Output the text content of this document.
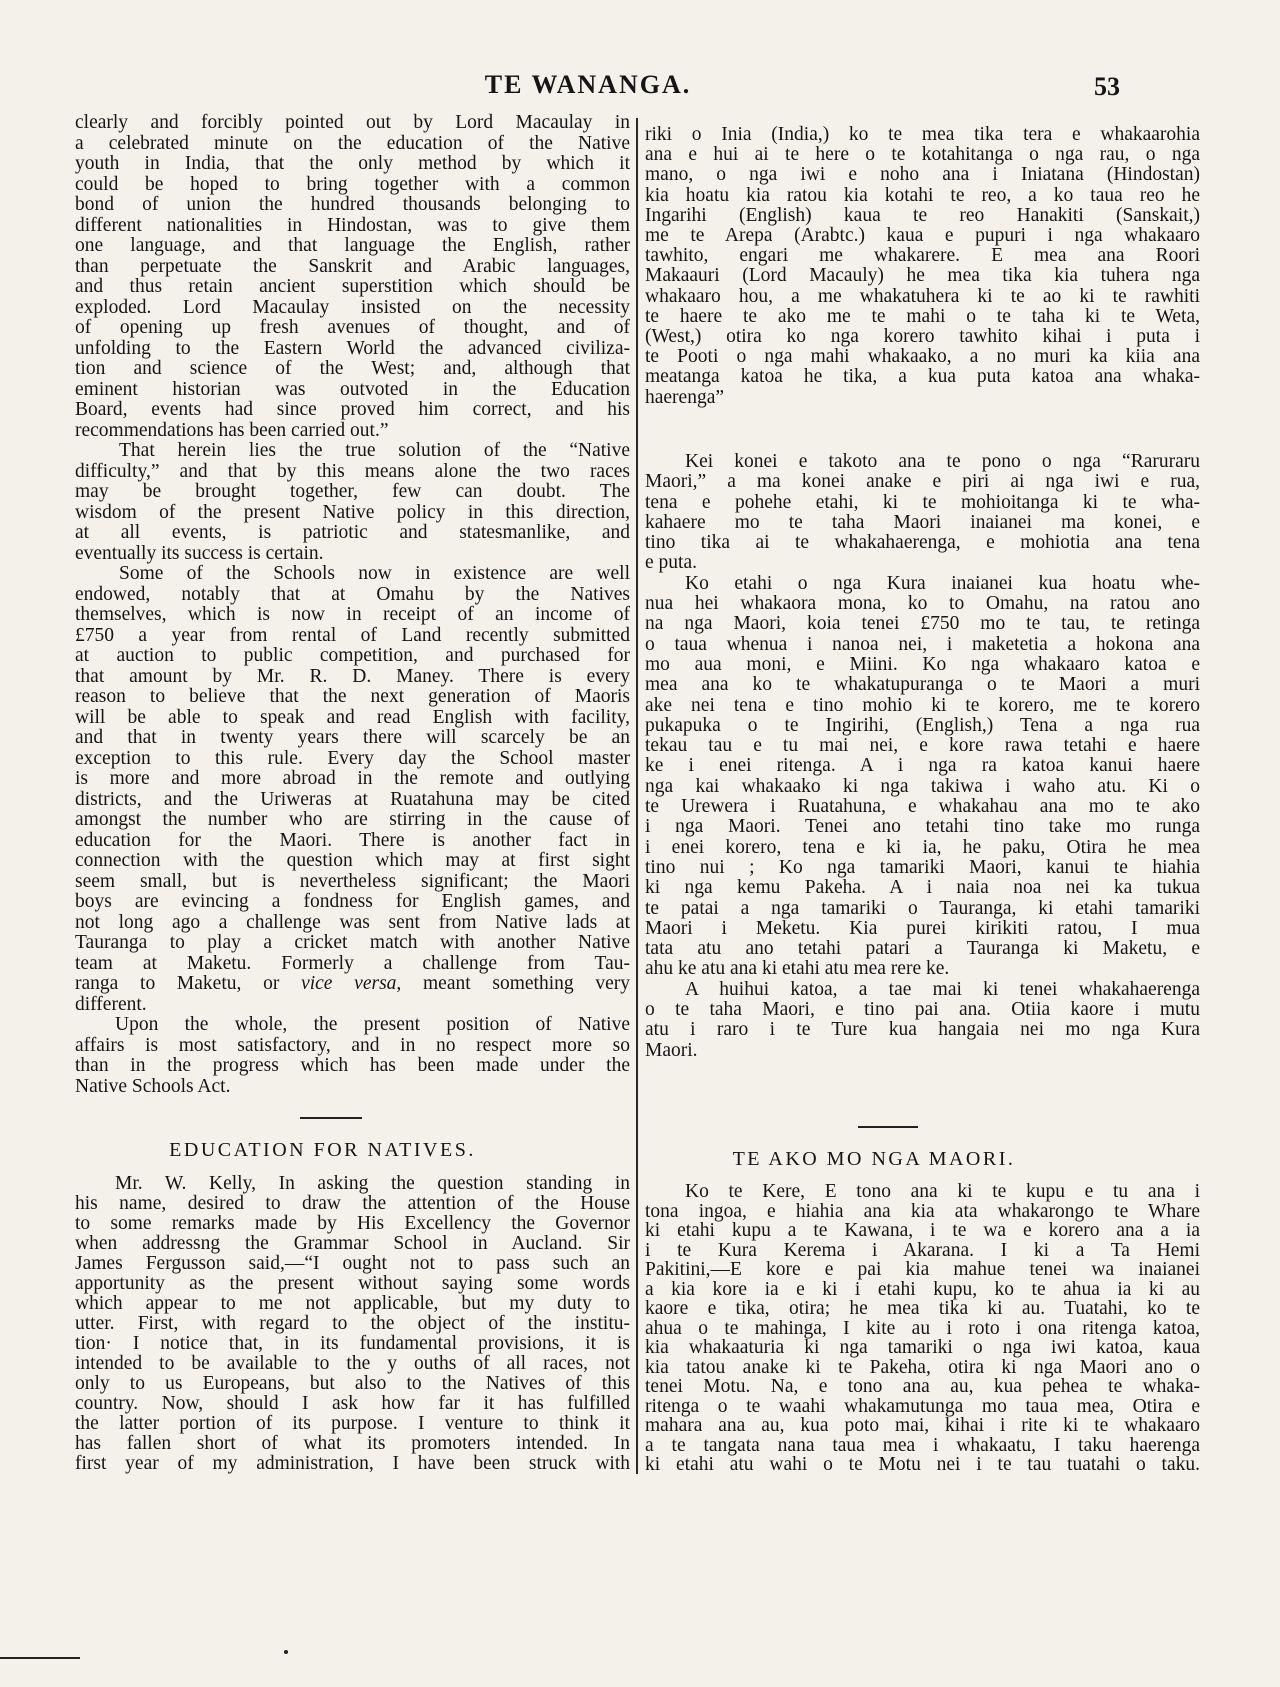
TE WANANGA.	53
clearly and forcibly pointed out by Lord Macaulay in
a celebrated minute on the education of the Native
youth in India, that the only method by which it
could be hoped to bring together with a common
bond of union the hundred thousands belonging to
different nationalities in Hindostan, was to give them
one language, and that language the English, rather
than perpetuate the Sanskrit and Arabic languages,
and thus retain ancient superstition which should be
exploded. Lord Macaulay insisted on the necessity
of opening up fresh avenues of thought, and of
unfolding to the Eastern World the advanced civiliza-
tion and science of the West; and, although that
eminent historian was outvoted in the Education
Board, events had since proved him correct, and his
recommendations has been carried out.”
That herein lies the true solution of the “Native
difficulty,” and that by this means alone the two races
may be brought together, few can doubt. The
wisdom of the present Native policy in this direction,
at all events, is patriotic and statesmanlike, and
eventually its success is certain.
Some of the Schools now in existence are well
endowed, notably that at Omahu by the Natives
themselves, which is now in receipt of an income of
£750 a year from rental of Land recently submitted
at auction to public competition, and purchased for
that amount by Mr. R. D. Maney. There is every
reason to believe that the next generation of Maoris
will be able to speak and read English with facility,
and that in twenty years there will scarcely be an
exception to this rule. Every day the School master
is more and more abroad in the remote and outlying
districts, and the Uriweras at Ruatahuna may be cited
amongst the number who are stirring in the cause of
education for the Maori. There is another fact in
connection with the question which may at first sight
seem small, but is nevertheless significant; the Maori
boys are evincing a fondness for English games, and
not long ago a challenge was sent from Native lads at
Tauranga to play a cricket match with another Native
team at Maketu. Formerly a challenge from Tau-
ranga to Maketu, or vice versa, meant something very
different.
Upon the whole, the present position of Native
affairs is most satisfactory, and in no respect more so
than in the progress which has been made under the
Native Schools Act.
EDUCATION FOR NATIVES.
Mr. W. Kelly, In asking the question standing in
his name, desired to draw the attention of the House
to some remarks made by His Excellency the Governor
when addressng the Grammar School in Aucland. Sir
James Fergusson said,—“I ought not to pass such an
apportunity as the present without saying some words
which appear to me not applicable, but my duty to
utter. First, with regard to the object of the institu-
tion· I notice that, in its fundamental provisions, it is
intended to be available to the y ouths of all races, not
only to us Europeans, but also to the Natives of this
country. Now, should I ask how far it has fulfilled
the latter portion of its purpose. I venture to think it
has fallen short of what its promoters intended. In
first year of my administration, I have been struck with
riki o Inia (India,) ko te mea tika tera e whakaarohia
ana e hui ai te here o te kotahitanga o nga rau, o nga
mano, o nga iwi e noho ana i Iniatana (Hindostan)
kia hoatu kia ratou kia kotahi te reo, a ko taua reo he
Ingarihi (English) kaua te reo Hanakiti (Sanskait,)
me te Arepa (Arabtc.) kaua e pupuri i nga whakaaro
tawhito, engari me whakarere. E mea ana Roori
Makaauri (Lord Macauly) he mea tika kia tuhera nga
whakaaro hou, a me whakatuhera ki te ao ki te rawhiti
te haere te ako me te mahi o te taha ki te Weta,
(West,) otira ko nga korero tawhito kihai i puta i
te Pooti o nga mahi whakaako, a no muri ka kiia ana
meatanga katoa he tika, a kua puta katoa ana whaka-
haerenga”
Kei konei e takoto ana te pono o nga “Raruraru
Maori,” a ma konei anake e piri ai nga iwi e rua,
tena e pohehe etahi, ki te mohioitanga ki te wha-
kahaere mo te taha Maori inaianei ma konei, e
tino tika ai te whakahaerenga, e mohiotia ana tena
e puta.
Ko etahi o nga Kura inaianei kua hoatu whe-
nua hei whakaora mona, ko to Omahu, na ratou ano
na nga Maori, koia tenei £750 mo te tau, te retinga
o taua whenua i nanoa nei, i maketetia a hokona ana
mo aua moni, e Miini. Ko nga whakaaro katoa e
mea ana ko te whakatupuranga o te Maori a muri
ake nei tena e tino mohio ki te korero, me te korero
pukapuka o te Ingirihi, (English,) Tena a nga rua
tekau tau e tu mai nei, e kore rawa tetahi e haere
ke i enei ritenga. A i nga ra katoa kanui haere
nga kai whakaako ki nga takiwa i waho atu. Ki o
te Urewera i Ruatahuna, e whakahau ana mo te ako
i nga Maori. Tenei ano tetahi tino take mo runga
i enei korero, tena e ki ia, he paku, Otira he mea
tino nui ; Ko nga tamariki Maori, kanui te hiahia
ki nga kemu Pakeha. A i naia noa nei ka tukua
te patai a nga tamariki o Tauranga, ki etahi tamariki
Maori i Meketu. Kia purei kirikiti ratou, I mua
tata atu ano tetahi patari a Tauranga ki Maketu, e
ahu ke atu ana ki etahi atu mea rere ke.
A huihui katoa, a tae mai ki tenei whakahaerenga
o te taha Maori, e tino pai ana. Otiia kaore i mutu
atu i raro i te Ture kua hangaia nei mo nga Kura
Maori.
TE AKO MO NGA MAORI.
Ko te Kere, E tono ana ki te kupu e tu ana i
tona ingoa, e hiahia ana kia ata whakarongo te Whare
ki etahi kupu a te Kawana, i te wa e korero ana a ia
i te Kura Kerema i Akarana. I ki a Ta Hemi
Pakitini,—E kore e pai kia mahue tenei wa inaianei
a kia kore ia e ki i etahi kupu, ko te ahua ia ki au
kaore e tika, otira; he mea tika ki au. Tuatahi, ko te
ahua o te mahinga, I kite au i roto i ona ritenga katoa,
kia whakaaturia ki nga tamariki o nga iwi katoa, kaua
kia tatou anake ki te Pakeha, otira ki nga Maori ano o
tenei Motu. Na, e tono ana au, kua pehea te whaka-
ritenga o te waahi whakamutunga mo taua mea, Otira e
mahara ana au, kua poto mai, kihai i rite ki te whakaaro
a te tangata nana taua mea i whakaatu, I taku haerenga
ki etahi atu wahi o te Motu nei i te tau tuatahi o taku.
